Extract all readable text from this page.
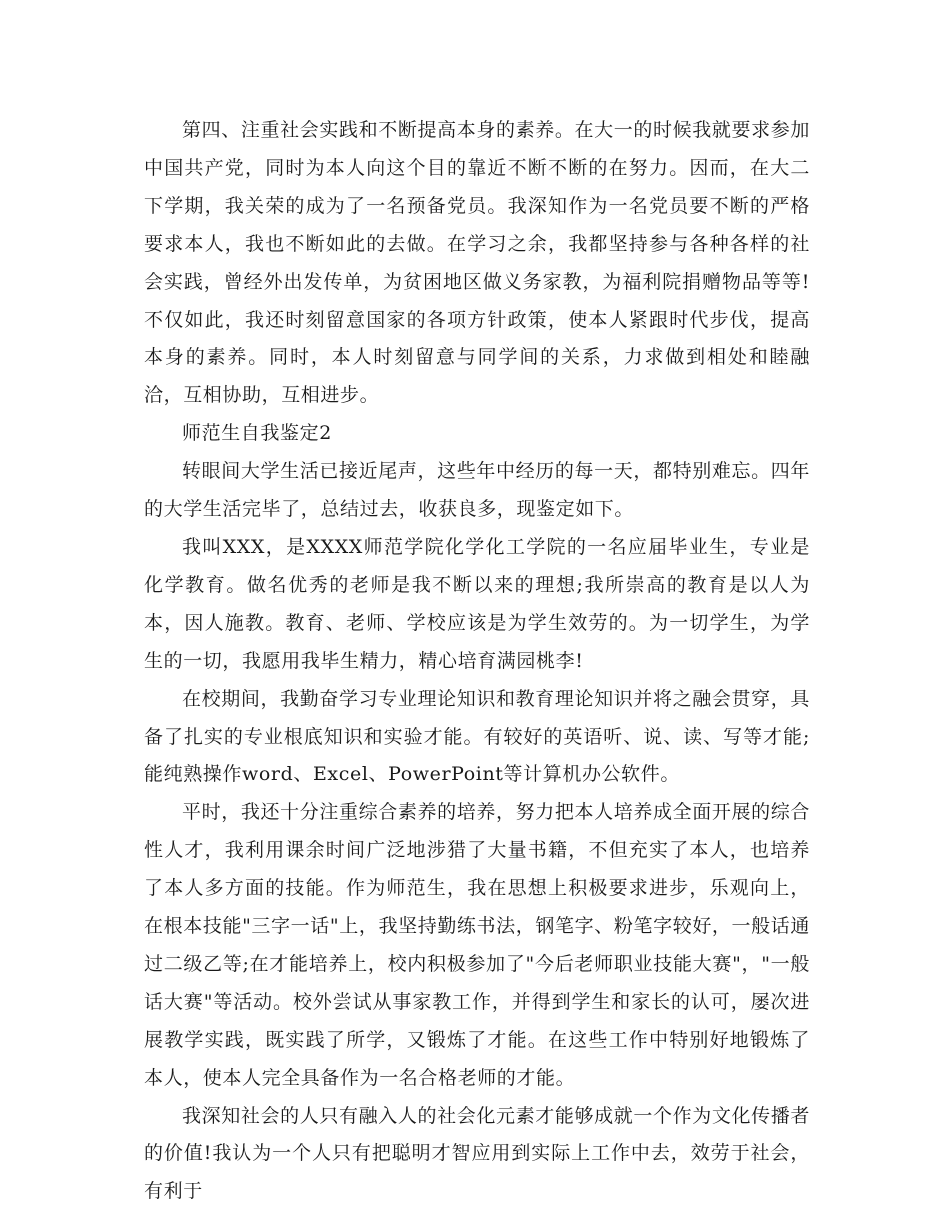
第四、注重社会实践和不断提高本身的素养。在大一的时候我就要求参加中国共产党，同时为本人向这个目的靠近不断不断的在努力。因而，在大二下学期，我关荣的成为了一名预备党员。我深知作为一名党员要不断的严格要求本人，我也不断如此的去做。在学习之余，我都坚持参与各种各样的社会实践，曾经外出发传单，为贫困地区做义务家教，为福利院捐赠物品等等!不仅如此，我还时刻留意国家的各项方针政策，使本人紧跟时代步伐，提高本身的素养。同时，本人时刻留意与同学间的关系，力求做到相处和睦融洽，互相协助，互相进步。

师范生自我鉴定2

转眼间大学生活已接近尾声，这些年中经历的每一天，都特别难忘。四年的大学生活完毕了，总结过去，收获良多，现鉴定如下。

我叫XXX，是XXXX师范学院化学化工学院的一名应届毕业生，专业是化学教育。做名优秀的老师是我不断以来的理想;我所崇高的教育是以人为本，因人施教。教育、老师、学校应该是为学生效劳的。为一切学生，为学生的一切，我愿用我毕生精力，精心培育满园桃李!

在校期间，我勤奋学习专业理论知识和教育理论知识并将之融会贯穿，具备了扎实的专业根底知识和实验才能。有较好的英语听、说、读、写等才能;能纯熟操作word、Excel、PowerPoint等计算机办公软件。

平时，我还十分注重综合素养的培养，努力把本人培养成全面开展的综合性人才，我利用课余时间广泛地涉猎了大量书籍，不但充实了本人，也培养了本人多方面的技能。作为师范生，我在思想上积极要求进步，乐观向上，在根本技能"三字一话"上，我坚持勤练书法，钢笔字、粉笔字较好，一般话通过二级乙等;在才能培养上，校内积极参加了"今后老师职业技能大赛"，"一般话大赛"等活动。校外尝试从事家教工作，并得到学生和家长的认可，屡次进展教学实践，既实践了所学，又锻炼了才能。在这些工作中特别好地锻炼了本人，使本人完全具备作为一名合格老师的才能。

我深知社会的人只有融入人的社会化元素才能够成就一个作为文化传播者的价值!我认为一个人只有把聪明才智应用到实际上工作中去，效劳于社会，有利于
